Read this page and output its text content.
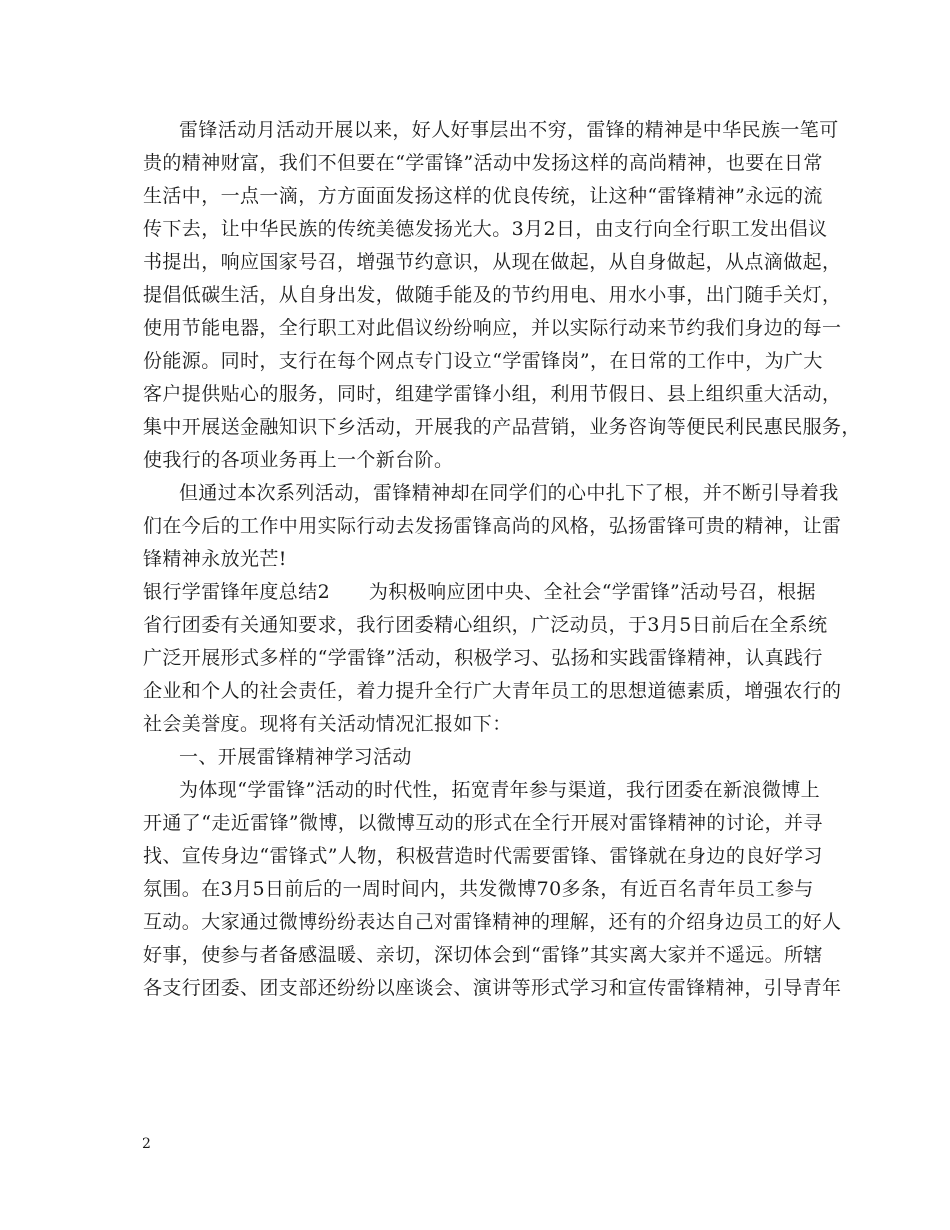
雷锋活动月活动开展以来，好人好事层出不穷，雷锋的精神是中华民族一笔可
贵的精神财富，我们不但要在“学雷锋”活动中发扬这样的高尚精神，也要在日常
生活中，一点一滴，方方面面发扬这样的优良传统，让这种“雷锋精神”永远的流
传下去，让中华民族的传统美德发扬光大。3月2日，由支行向全行职工发出倡议
书提出，响应国家号召，增强节约意识，从现在做起，从自身做起，从点滴做起，
提倡低碳生活，从自身出发，做随手能及的节约用电、用水小事，出门随手关灯，
使用节能电器，全行职工对此倡议纷纷响应，并以实际行动来节约我们身边的每一
份能源。同时，支行在每个网点专门设立“学雷锋岗”，在日常的工作中，为广大
客户提供贴心的服务，同时，组建学雷锋小组，利用节假日、县上组织重大活动，
集中开展送金融知识下乡活动，开展我的产品营销，业务咨询等便民利民惠民服务，
使我行的各项业务再上一个新台阶。
但通过本次系列活动，雷锋精神却在同学们的心中扎下了根，并不断引导着我
们在今后的工作中用实际行动去发扬雷锋高尚的风格，弘扬雷锋可贵的精神，让雷
锋精神永放光芒!
银行学雷锋年度总结2　　为积极响应团中央、全社会“学雷锋”活动号召，根据
省行团委有关通知要求，我行团委精心组织，广泛动员，于3月5日前后在全系统
广泛开展形式多样的“学雷锋”活动，积极学习、弘扬和实践雷锋精神，认真践行
企业和个人的社会责任，着力提升全行广大青年员工的思想道德素质，增强农行的
社会美誉度。现将有关活动情况汇报如下：
一、开展雷锋精神学习活动
为体现“学雷锋”活动的时代性，拓宽青年参与渠道，我行团委在新浪微博上
开通了“走近雷锋”微博，以微博互动的形式在全行开展对雷锋精神的讨论，并寻
找、宣传身边“雷锋式”人物，积极营造时代需要雷锋、雷锋就在身边的良好学习
氛围。在3月5日前后的一周时间内，共发微博70多条，有近百名青年员工参与
互动。大家通过微博纷纷表达自己对雷锋精神的理解，还有的介绍身边员工的好人
好事，使参与者备感温暖、亲切，深切体会到“雷锋”其实离大家并不遥远。所辖
各支行团委、团支部还纷纷以座谈会、演讲等形式学习和宣传雷锋精神，引导青年
2
